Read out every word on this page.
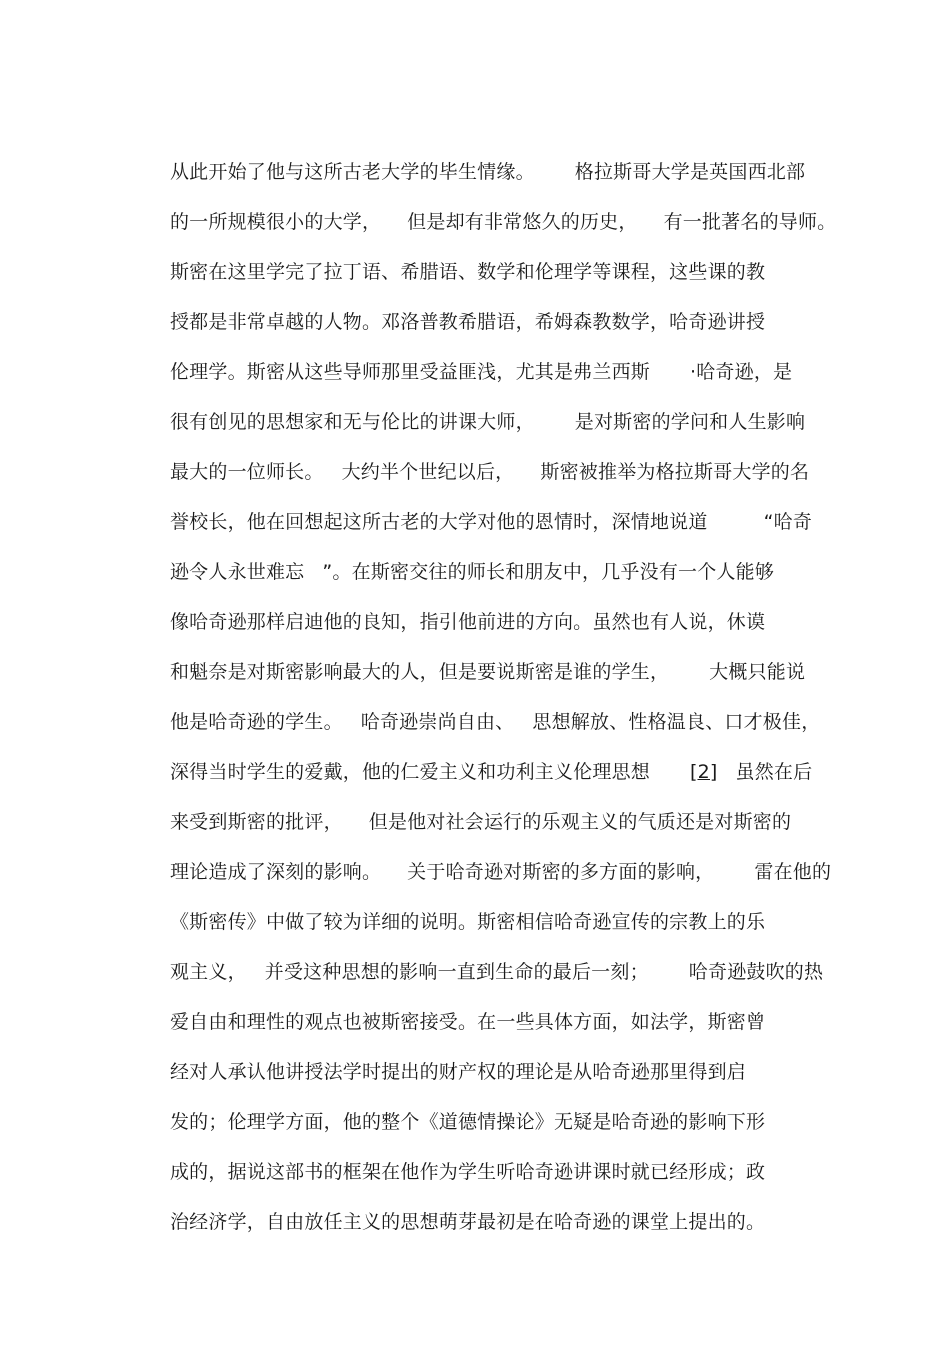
从此开始了他与这所古老大学的毕生情缘。 格拉斯哥大学是英国西北部

的一所规模很小的大学， 但是却有非常悠久的历史， 有一批著名的导师。

斯密在这里学完了拉丁语、希腊语、数学和伦理学等课程，这些课的教

授都是非常卓越的人物。邓洛普教希腊语，希姆森教数学，哈奇逊讲授

伦理学。斯密从这些导师那里受益匪浅，尤其是弗兰西斯 ·哈奇逊，是

很有创见的思想家和无与伦比的讲课大师， 是对斯密的学问和人生影响

最大的一位师长。 大约半个世纪以后， 斯密被推举为格拉斯哥大学的名

誉校长，他在回想起这所古老的大学对他的恩情时，深情地说道	“哈奇

逊令人永世难忘 ”。在斯密交往的师长和朋友中，几乎没有一个人能够

像哈奇逊那样启迪他的良知，指引他前进的方向。虽然也有人说，休谟

和魁奈是对斯密影响最大的人，但是要说斯密是谁的学生， 大概只能说

他是哈奇逊的学生。 哈奇逊崇尚自由、 思想解放、性格温良、口才极佳，

深得当时学生的爱戴，他的仁爱主义和功利主义伦理思想 [2] 虽然在后

来受到斯密的批评， 但是他对社会运行的乐观主义的气质还是对斯密的

理论造成了深刻的影响。 关于哈奇逊对斯密的多方面的影响， 雷在他的

《斯密传》中做了较为详细的说明。斯密相信哈奇逊宣传的宗教上的乐

观主义， 并受这种思想的影响一直到生命的最后一刻； 哈奇逊鼓吹的热

爱自由和理性的观点也被斯密接受。在一些具体方面，如法学，斯密曾

经对人承认他讲授法学时提出的财产权的理论是从哈奇逊那里得到启

发的；伦理学方面，他的整个《道德情操论》无疑是哈奇逊的影响下形

成的，据说这部书的框架在他作为学生听哈奇逊讲课时就已经形成；政

治经济学，自由放任主义的思想萌芽最初是在哈奇逊的课堂上提出的。
